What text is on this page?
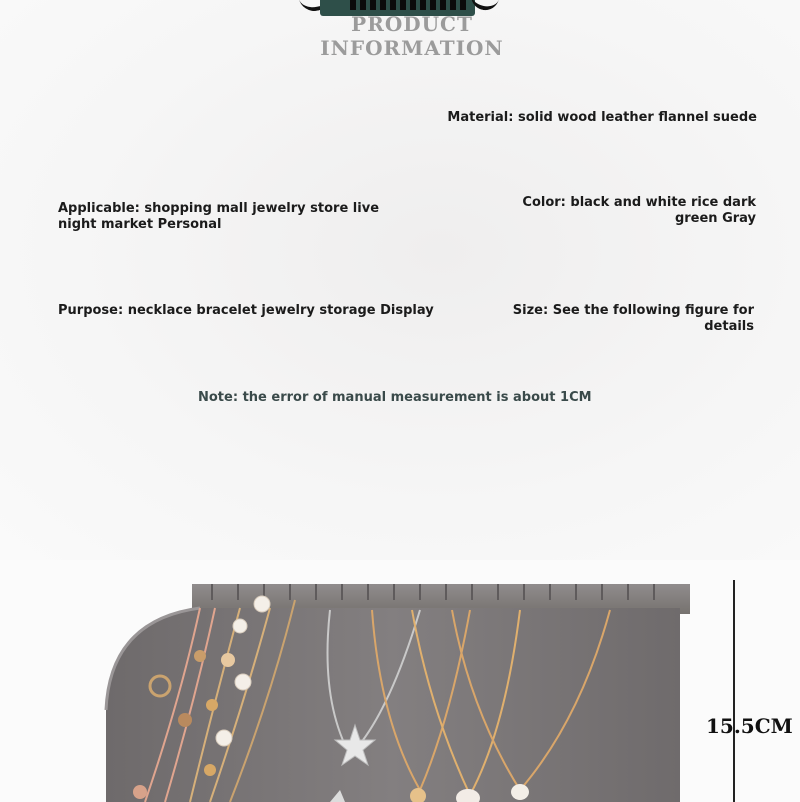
PRODUCT INFORMATION
Material: solid wood leather flannel suede
Applicable: shopping mall jewelry store live night market Personal
Color: black and white rice dark green Gray
Purpose: necklace bracelet jewelry storage Display	Size: See the following figure for details
Note: the error of manual measurement is about 1CM
15.5CM
